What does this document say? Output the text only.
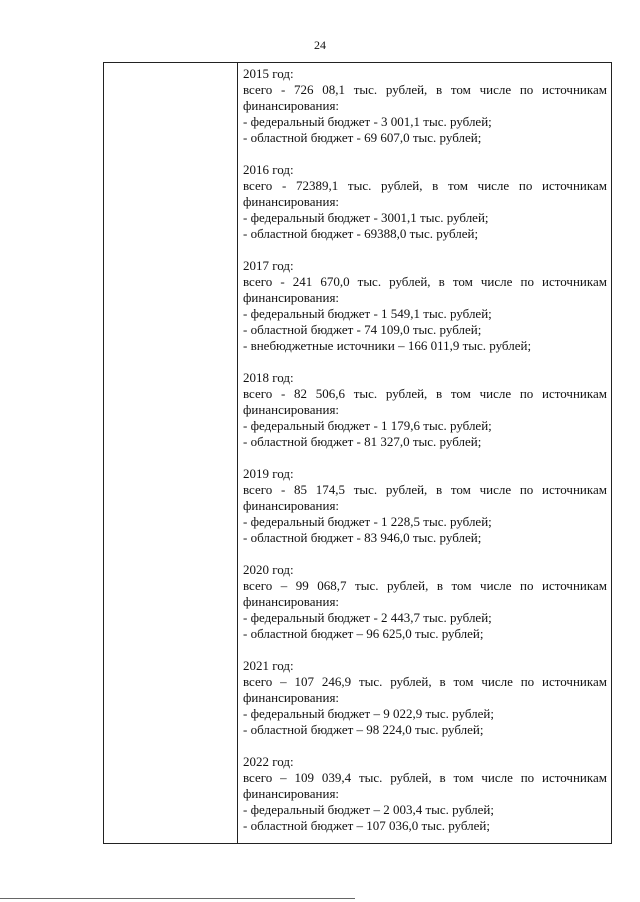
24
2015 год:
всего - 726 08,1 тыс. рублей, в том числе по источникам
финансирования:
- федеральный бюджет - 3 001,1 тыс. рублей;
- областной бюджет - 69 607,0 тыс. рублей;
2016 год:
всего - 72389,1 тыс. рублей, в том числе по источникам
финансирования:
- федеральный бюджет - 3001,1 тыс. рублей;
- областной бюджет - 69388,0 тыс. рублей;
2017 год:
всего - 241 670,0 тыс. рублей, в том числе по источникам
финансирования:
- федеральный бюджет - 1 549,1 тыс. рублей;
- областной бюджет - 74 109,0 тыс. рублей;
- внебюджетные источники – 166 011,9 тыс. рублей;
2018 год:
всего - 82 506,6 тыс. рублей, в том числе по источникам
финансирования:
- федеральный бюджет - 1 179,6 тыс. рублей;
- областной бюджет - 81 327,0 тыс. рублей;
2019 год:
всего - 85 174,5 тыс. рублей, в том числе по источникам
финансирования:
- федеральный бюджет - 1 228,5 тыс. рублей;
- областной бюджет - 83 946,0 тыс. рублей;
2020 год:
всего – 99 068,7 тыс. рублей, в том числе по источникам
финансирования:
- федеральный бюджет - 2 443,7 тыс. рублей;
- областной бюджет – 96 625,0 тыс. рублей;
2021 год:
всего – 107 246,9 тыс. рублей, в том числе по источникам
финансирования:
- федеральный бюджет – 9 022,9 тыс. рублей;
- областной бюджет – 98 224,0 тыс. рублей;
2022 год:
всего – 109 039,4 тыс. рублей, в том числе по источникам
финансирования:
- федеральный бюджет – 2 003,4 тыс. рублей;
- областной бюджет – 107 036,0 тыс. рублей;
